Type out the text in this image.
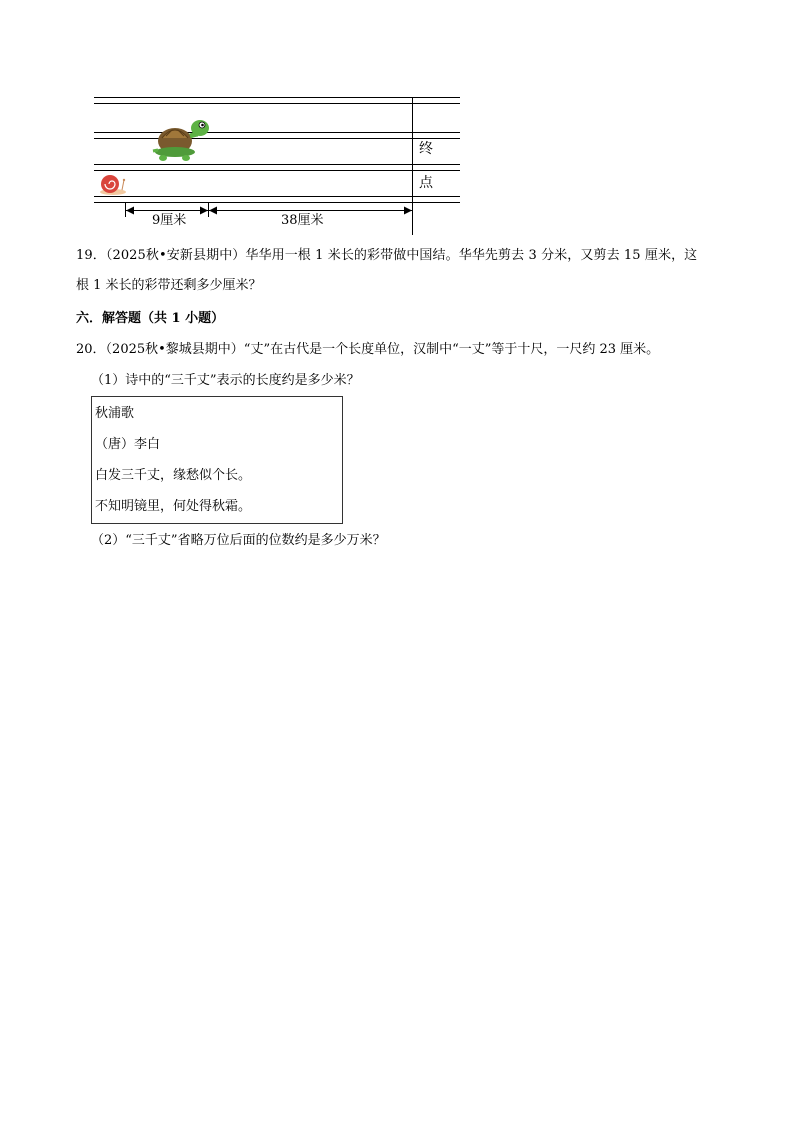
终
点
9厘米	38厘米
19．（2025秋•安新县期中）华华用一根 1 米长的彩带做中国结。华华先剪去 3 分米，又剪去 15 厘米，这
根 1 米长的彩带还剩多少厘米？
六．解答题（共 1 小题）
20．（2025秋•黎城县期中）“丈”在古代是一个长度单位，汉制中“一丈”等于十尺，一尺约 23 厘米。
（1）诗中的“三千丈”表示的长度约是多少米？
秋浦歌
（唐）李白
白发三千丈，缘愁似个长。
不知明镜里，何处得秋霜。
（2）“三千丈”省略万位后面的位数约是多少万米？
